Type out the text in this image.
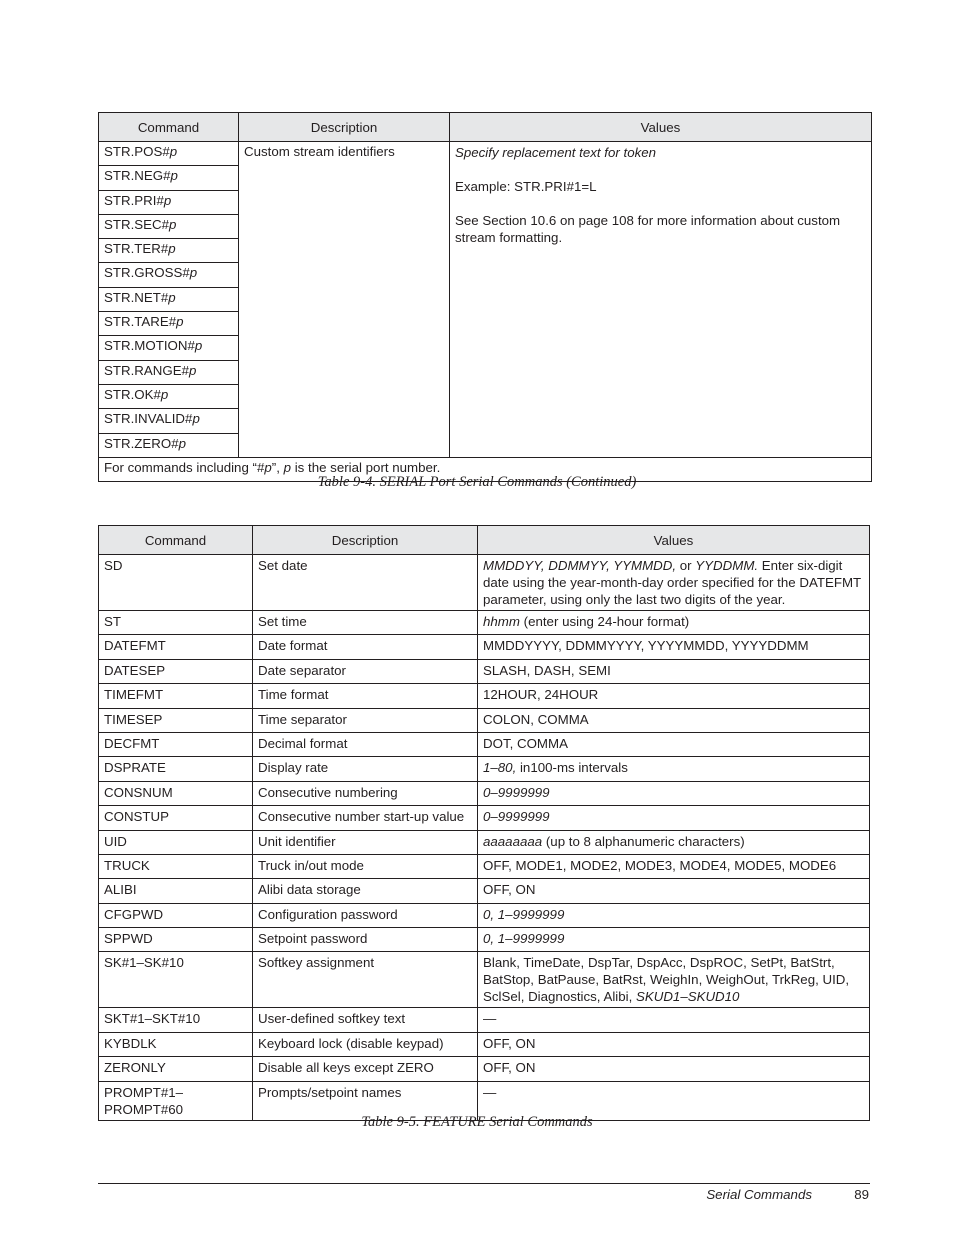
Command	Description	Values
STR.POS#p	Custom stream identifiers	Specify replacement text for token

Example: STR.PRI#1=L

See Section 10.6 on page 108 for more information about custom stream formatting.

STR.NEG#p		
STR.PRI#p		
STR.SEC#p		
STR.TER#p		
STR.GROSS#p		
STR.NET#p		
STR.TARE#p		
STR.MOTION#p		
STR.RANGE#p		
STR.OK#p		
STR.INVALID#p		
STR.ZERO#p		
For commands including “#p”, p is the serial port number.		
Table 9-4. SERIAL Port Serial Commands (Continued)
Command	Description	Values
SD	Set date	MMDDYY, DDMMYY, YYMMDD, or YYDDMM. Enter six-digit date using the year-month-day order specified for the DATEFMT parameter, using only the last two digits of the year.
ST	Set time	hhmm (enter using 24-hour format)
DATEFMT	Date format	MMDDYYYY, DDMMYYYY, YYYYMMDD, YYYYDDMM
DATESEP	Date separator	SLASH, DASH, SEMI
TIMEFMT	Time format	12HOUR, 24HOUR
TIMESEP	Time separator	COLON, COMMA
DECFMT	Decimal format	DOT, COMMA
DSPRATE	Display rate	1–80, in100-ms intervals
CONSNUM	Consecutive numbering	0–9999999
CONSTUP	Consecutive number start-up value	0–9999999
UID	Unit identifier	aaaaaaaa (up to 8 alphanumeric characters)
TRUCK	Truck in/out mode	OFF, MODE1, MODE2, MODE3, MODE4, MODE5, MODE6
ALIBI	Alibi data storage	OFF, ON
CFGPWD	Configuration password	0, 1–9999999
SPPWD	Setpoint password	0, 1–9999999
SK#1–SK#10	Softkey assignment	Blank, TimeDate, DspTar, DspAcc, DspROC, SetPt, BatStrt, BatStop, BatPause, BatRst, WeighIn, WeighOut, TrkReg, UID, SclSel, Diagnostics, Alibi, SKUD1–SKUD10
SKT#1–SKT#10	User-defined softkey text	—
KYBDLK	Keyboard lock (disable keypad)	OFF, ON
ZERONLY	Disable all keys except ZERO	OFF, ON
PROMPT#1–
PROMPT#60	Prompts/setpoint names	—
Table 9-5. FEATURE Serial Commands
Serial Commands	89
